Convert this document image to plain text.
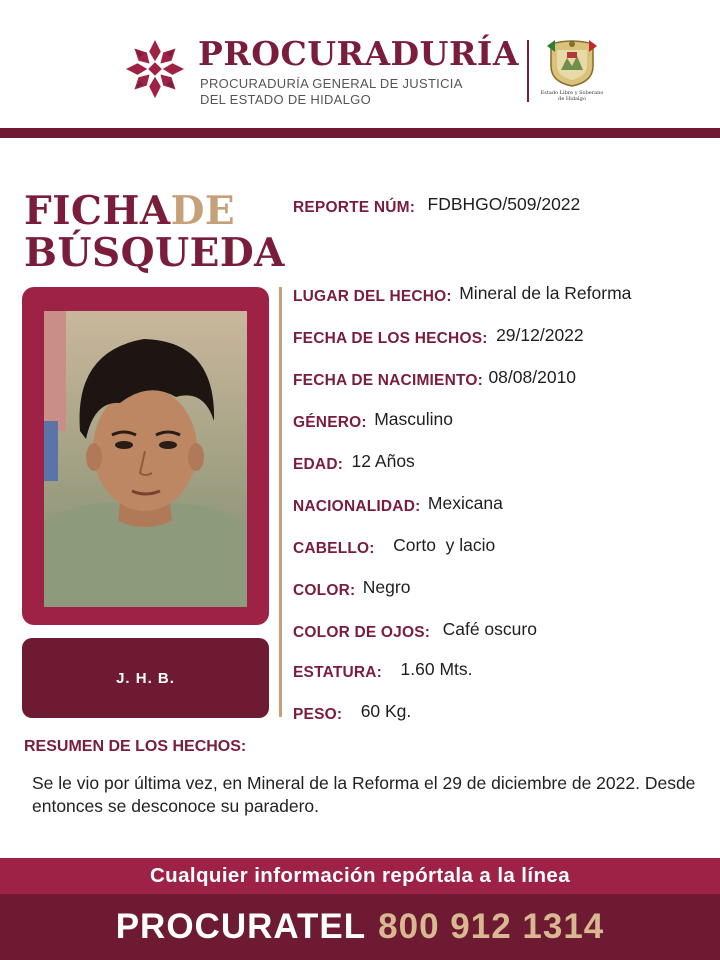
PROCURADURÍA
PROCURADURÍA GENERAL DE JUSTICIA
DEL ESTADO DE HIDALGO	Estado Libre y Soberano de Hidalgo
FICHADE
BÚSQUEDA
J. H. B.
REPORTE NÚM: FDBHGO/509/2022
LUGAR DEL HECHO: Mineral de la Reforma
FECHA DE LOS HECHOS: 29/12/2022
FECHA DE NACIMIENTO: 08/08/2010
GÉNERO: Masculino
EDAD: 12 Años
NACIONALIDAD: Mexicana
CABELLO: Corto  y lacio
COLOR: Negro
COLOR DE OJOS: Café oscuro
ESTATURA: 1.60 Mts.
PESO: 60 Kg.
RESUMEN DE LOS HECHOS:
Se le vio por última vez, en Mineral de la Reforma el 29 de diciembre de 2022. Desde entonces se desconoce su paradero.
Cualquier información repórtala a la línea
PROCURATEL 800 912 1314
